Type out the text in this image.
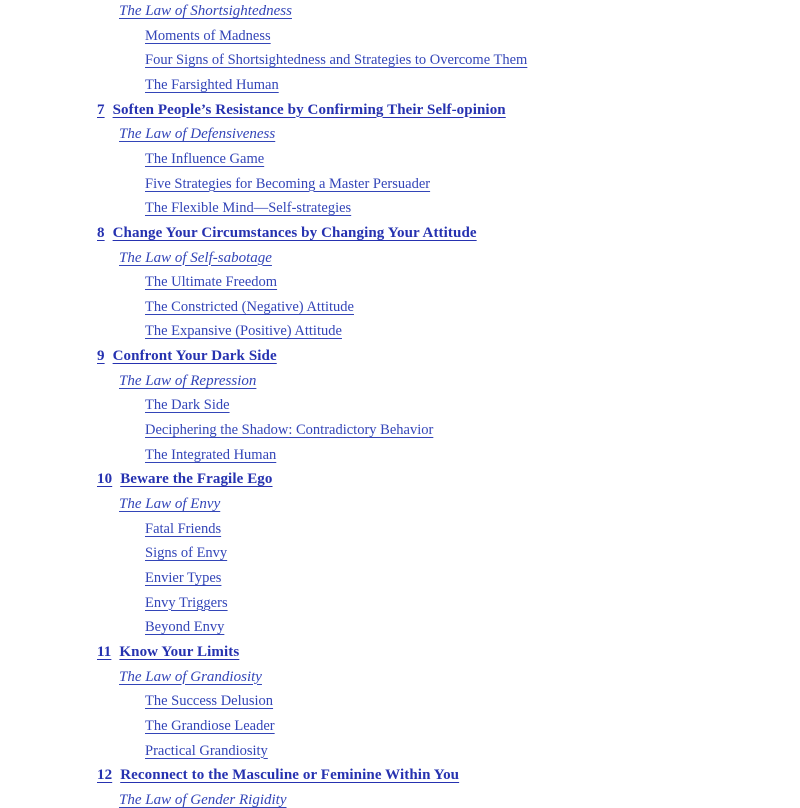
The Law of Shortsightedness
Moments of Madness
Four Signs of Shortsightedness and Strategies to Overcome Them
The Farsighted Human
7 Soften People’s Resistance by Confirming Their Self-opinion
The Law of Defensiveness
The Influence Game
Five Strategies for Becoming a Master Persuader
The Flexible Mind—Self-strategies
8 Change Your Circumstances by Changing Your Attitude
The Law of Self-sabotage
The Ultimate Freedom
The Constricted (Negative) Attitude
The Expansive (Positive) Attitude
9 Confront Your Dark Side
The Law of Repression
The Dark Side
Deciphering the Shadow: Contradictory Behavior
The Integrated Human
10 Beware the Fragile Ego
The Law of Envy
Fatal Friends
Signs of Envy
Envier Types
Envy Triggers
Beyond Envy
11 Know Your Limits
The Law of Grandiosity
The Success Delusion
The Grandiose Leader
Practical Grandiosity
12 Reconnect to the Masculine or Feminine Within You
The Law of Gender Rigidity
